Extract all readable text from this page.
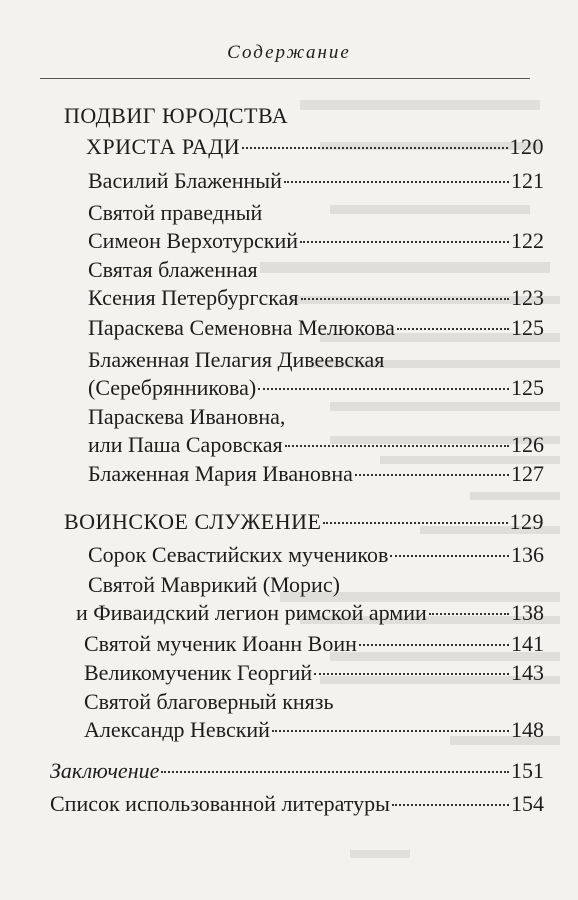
Содержание
ПОДВИГ ЮРОДСТВА
ХРИСТА РАДИ	120
Василий Блаженный	121
Святой праведный
Симеон Верхотурский	122
Святая блаженная
Ксения Петербургская	123
Параскева Семеновна Мелюкова	125
Блаженная Пелагия Дивеевская
(Серебрянникова)	125
Параскева Ивановна,
или Паша Саровская	126
Блаженная Мария Ивановна	127
ВОИНСКОЕ СЛУЖЕНИЕ	129
Сорок Севастийских мучеников	136
Святой Маврикий (Морис)
и Фиваидский легион римской армии	138
Святой мученик Иоанн Воин	141
Великомученик Георгий	143
Святой благоверный князь
Александр Невский	148
Заключение	151
Список использованной литературы	154
